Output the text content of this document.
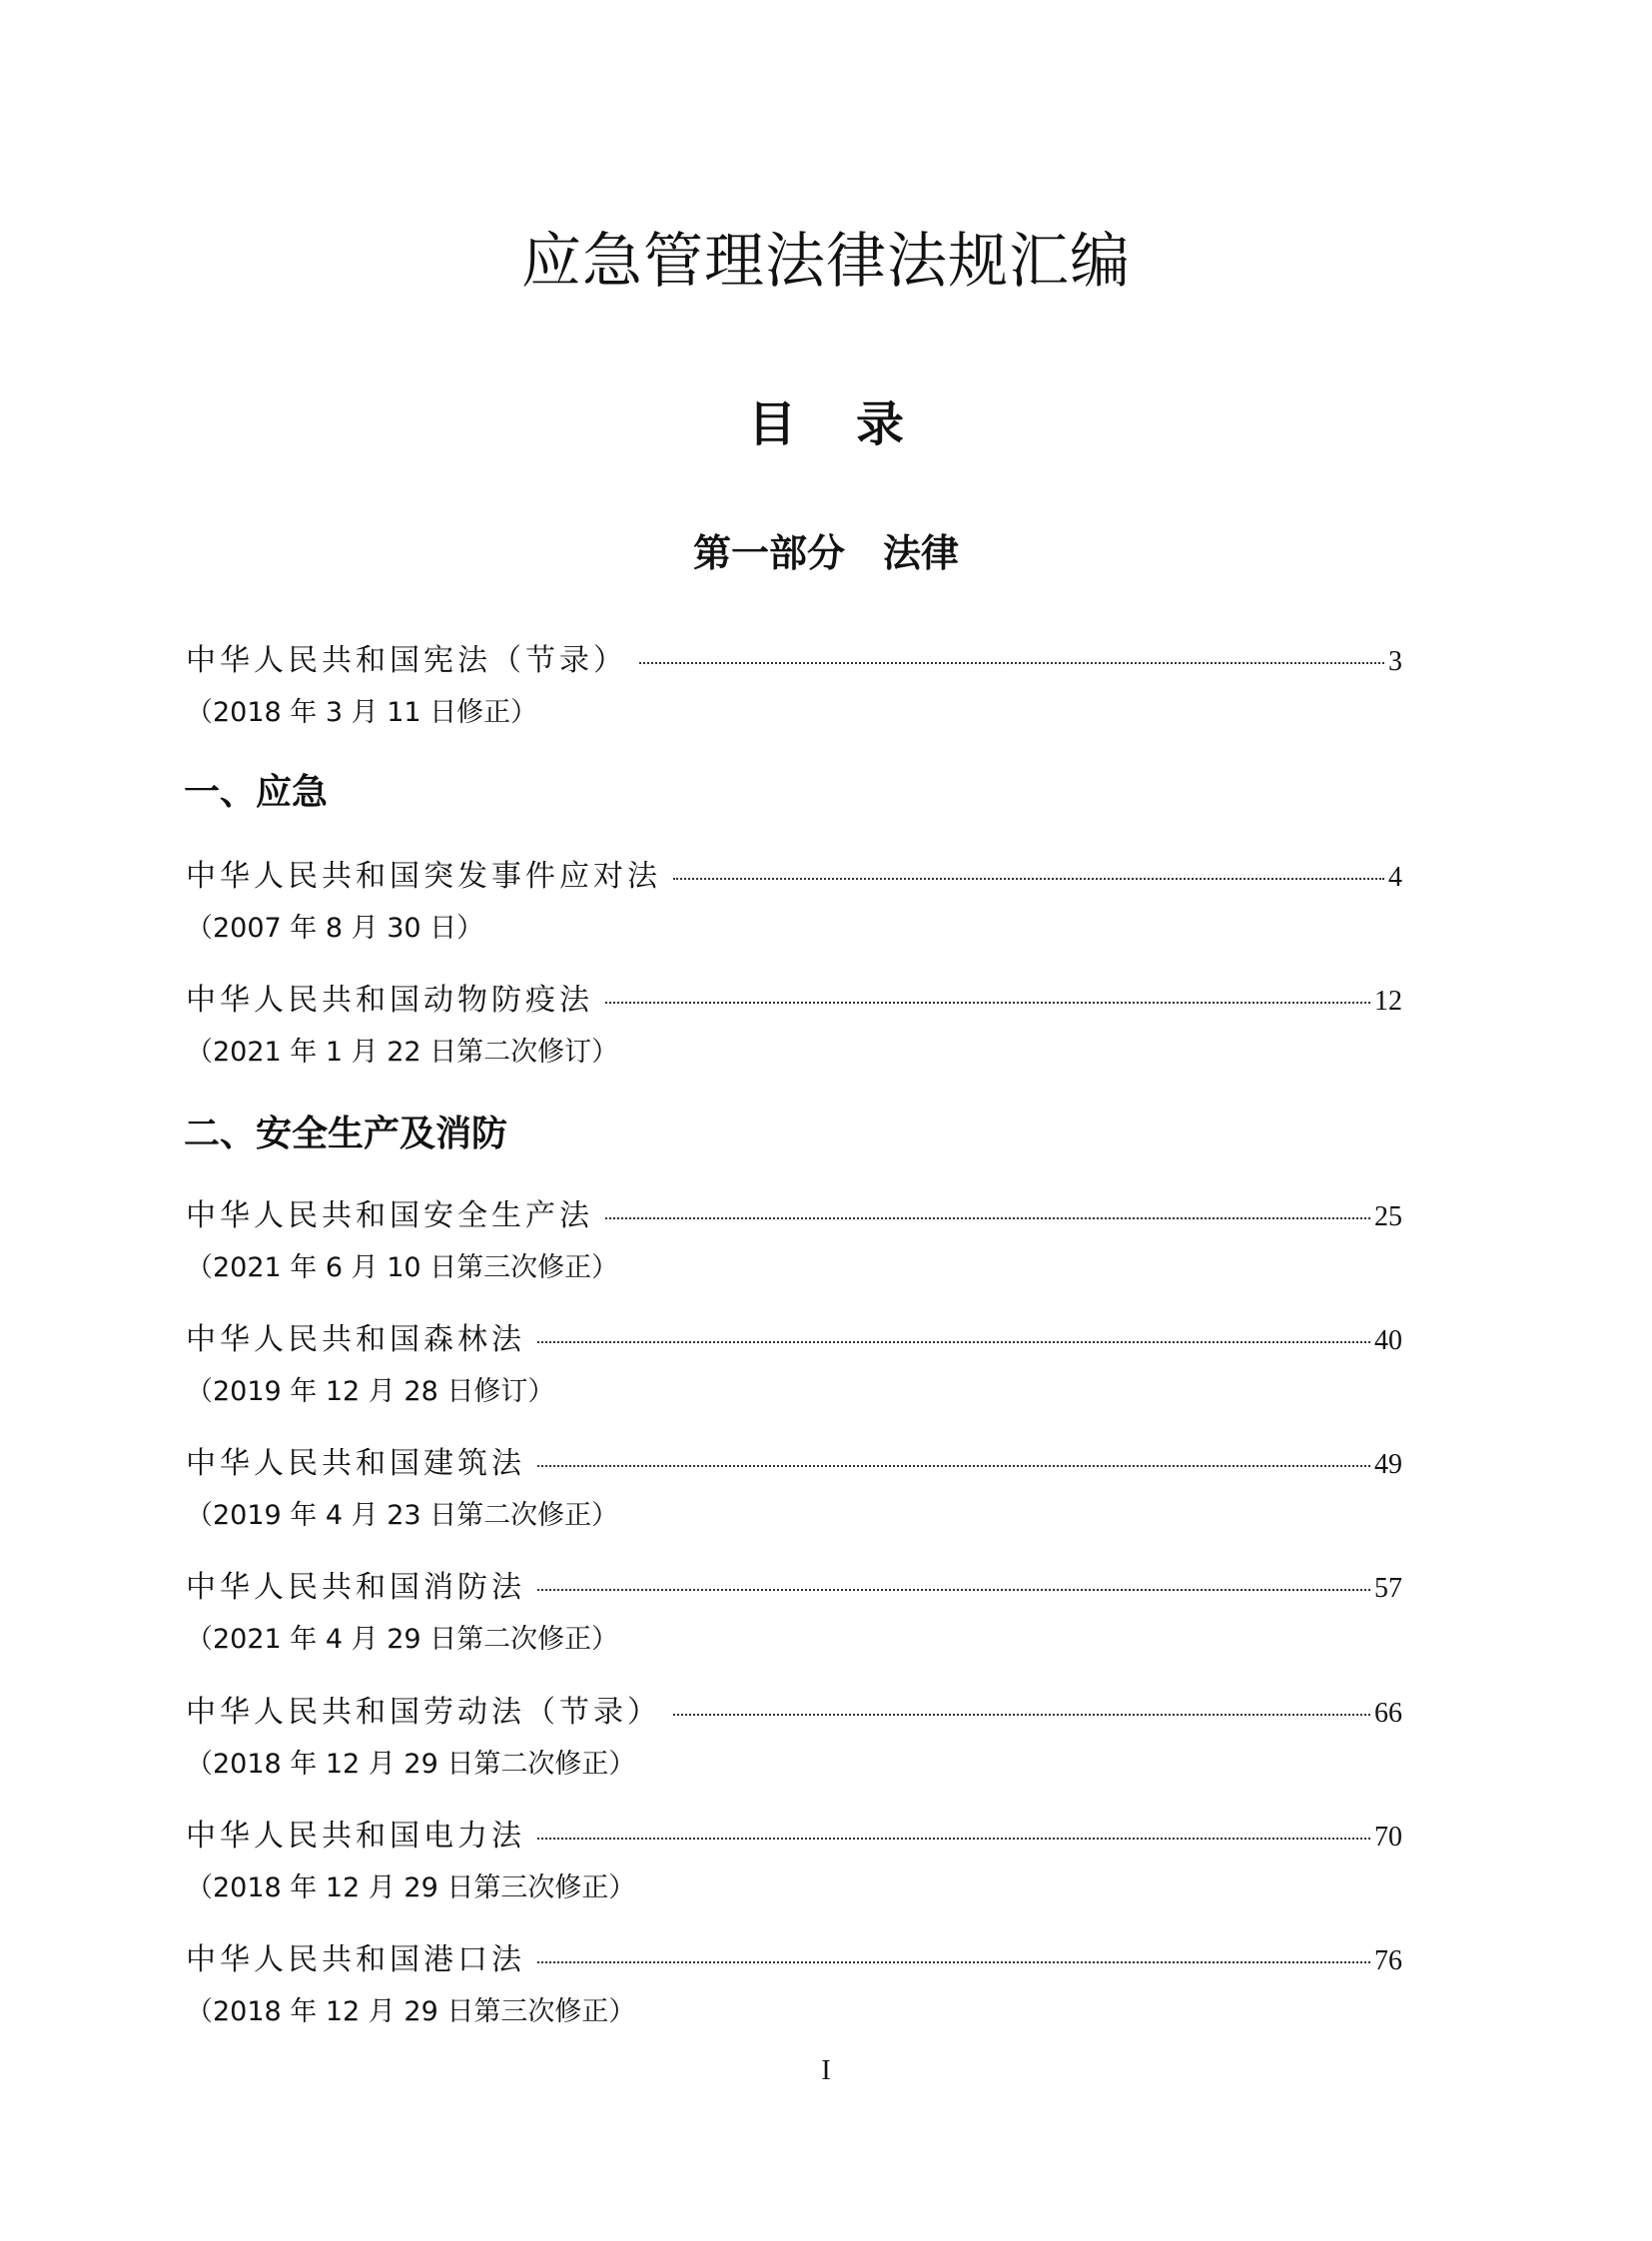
应急管理法律法规汇编
目 录
第一部分 法律
中华人民共和国宪法（节录）	3
（2018 年 3 月 11 日修正）
一、应急
中华人民共和国突发事件应对法	4
（2007 年 8 月 30 日）
中华人民共和国动物防疫法	12
（2021 年 1 月 22 日第二次修订）
二、安全生产及消防
中华人民共和国安全生产法	25
（2021 年 6 月 10 日第三次修正）
中华人民共和国森林法	40
（2019 年 12 月 28 日修订）
中华人民共和国建筑法	49
（2019 年 4 月 23 日第二次修正）
中华人民共和国消防法	57
（2021 年 4 月 29 日第二次修正）
中华人民共和国劳动法（节录）	66
（2018 年 12 月 29 日第二次修正）
中华人民共和国电力法	70
（2018 年 12 月 29 日第三次修正）
中华人民共和国港口法	76
（2018 年 12 月 29 日第三次修正）
I
